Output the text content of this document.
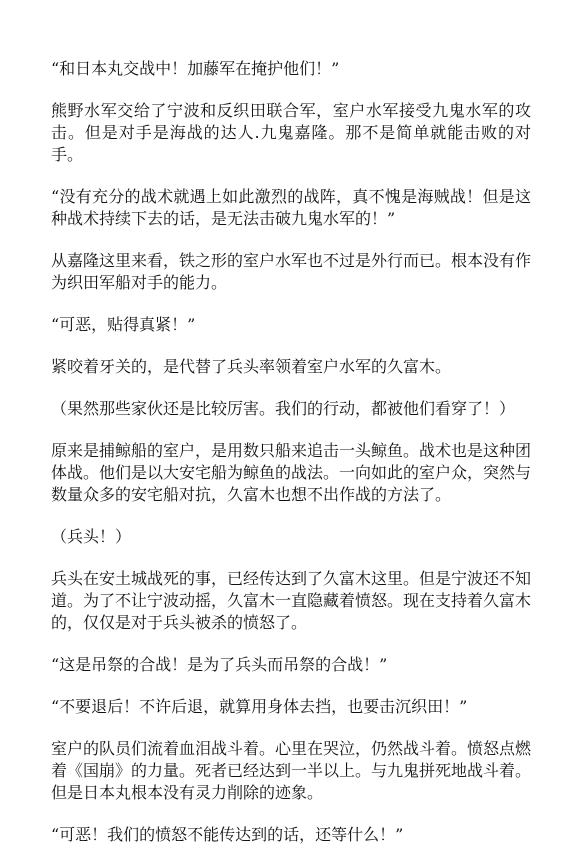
“和日本丸交战中！加藤军在掩护他们！”

熊野水军交给了宁波和反织田联合军，室户水军接受九鬼水军的攻击。但是对手是海战的达人.九鬼嘉隆。那不是简单就能击败的对手。

“没有充分的战术就遇上如此激烈的战阵，真不愧是海贼战！但是这种战术持续下去的话，是无法击破九鬼水军的！”

从嘉隆这里来看，铁之形的室户水军也不过是外行而已。根本没有作为织田军船对手的能力。

“可恶，贴得真紧！”

紧咬着牙关的，是代替了兵头率领着室户水军的久富木。

（果然那些家伙还是比较厉害。我们的行动，都被他们看穿了！）

原来是捕鲸船的室户，是用数只船来追击一头鲸鱼。战术也是这种团体战。他们是以大安宅船为鲸鱼的战法。一向如此的室户众，突然与数量众多的安宅船对抗，久富木也想不出作战的方法了。

（兵头！）

兵头在安土城战死的事，已经传达到了久富木这里。但是宁波还不知道。为了不让宁波动摇，久富木一直隐藏着愤怒。现在支持着久富木的，仅仅是对于兵头被杀的愤怒了。

“这是吊祭的合战！是为了兵头而吊祭的合战！”

“不要退后！不许后退，就算用身体去挡，也要击沉织田！”

室户的队员们流着血泪战斗着。心里在哭泣，仍然战斗着。愤怒点燃着《国崩》的力量。死者已经达到一半以上。与九鬼拼死地战斗着。但是日本丸根本没有灵力削除的迹象。

“可恶！我们的愤怒不能传达到的话，还等什么！”
